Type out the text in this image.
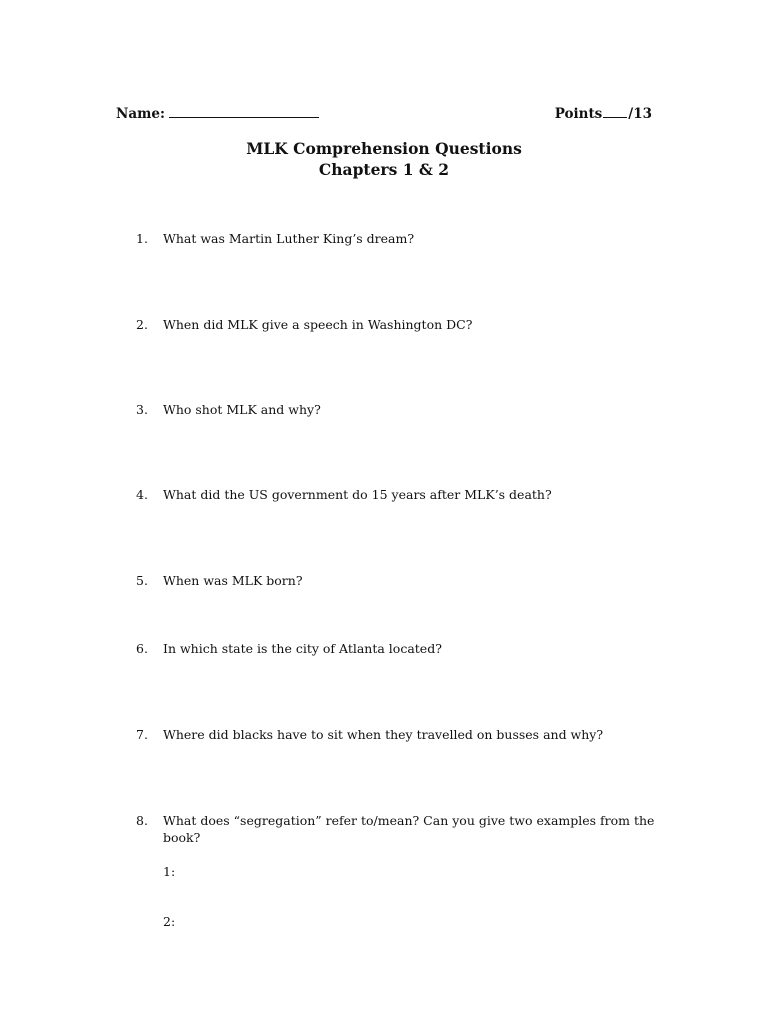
Name:	Points /13
MLK Comprehension Questions
Chapters 1 & 2
1.	What was Martin Luther King’s dream?
2.	When did MLK give a speech in Washington DC?
3.	Who shot MLK and why?
4.	What did the US government do 15 years after MLK’s death?
5.	When was MLK born?
6.	In which state is the city of Atlanta located?
7.	Where did blacks have to sit when they travelled on busses and why?
8.	What does “segregation” refer to/mean? Can you give two examples from the book?
1:
2:
